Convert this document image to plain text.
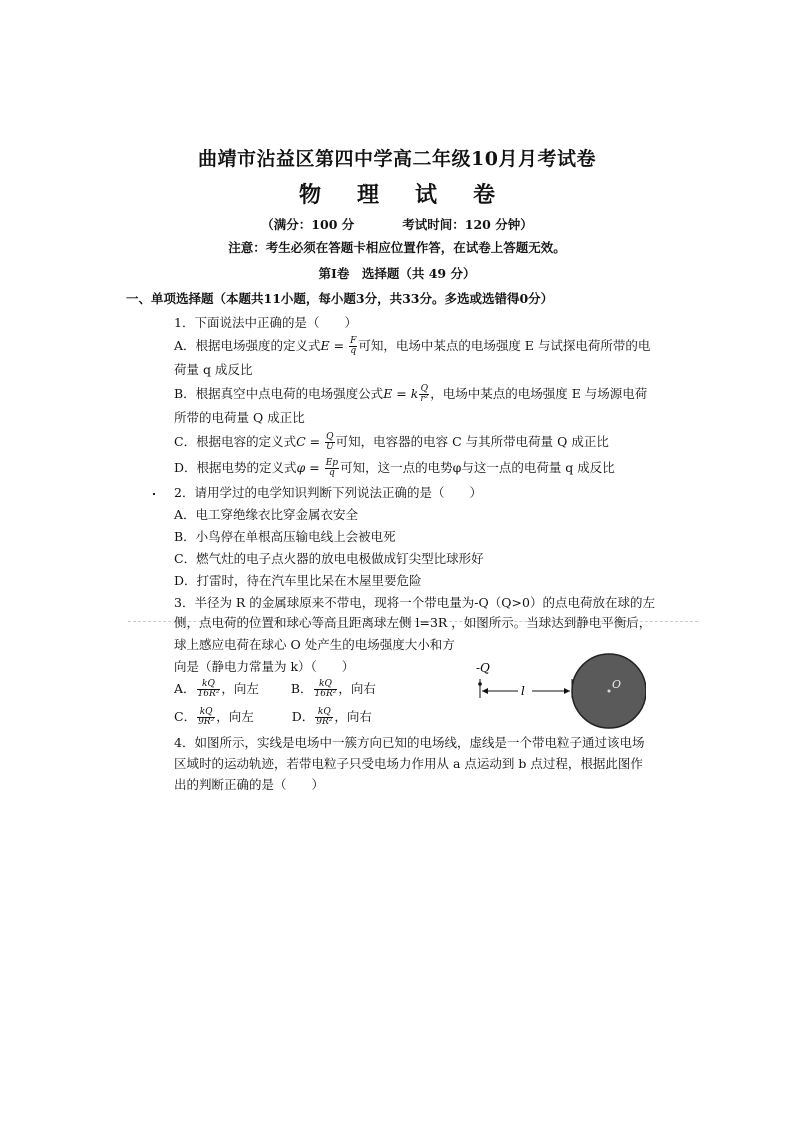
曲靖市沾益区第四中学高二年级10月月考试卷
物 理 试 卷
（满分：100 分	考试时间：120 分钟）
注意：考生必须在答题卡相应位置作答，在试卷上答题无效。
第Ⅰ卷　选择题（共 49 分）
一、单项选择题（本题共11小题，每小题3分，共33分。多选或选错得0分）
1．下面说法中正确的是（　　）
A．根据电场强度的定义式$E = \frac{F}{q}$ 可知，电场中某点的电场强度 E 与试探电荷所带的电
荷量 q 成反比
B．根据真空中点电荷的电场强度公式E = k $\frac{Q}{\text{r²}}$ ，电场中某点的电场强度 E 与场源电荷
所带的电荷量 Q 成正比
C．根据电容的定义式$C = \frac{Q}{U}$ 可知，电容器的电容 C 与其所带电荷量 Q 成正比
D．根据电势的定义式$\varphi = \frac{Ep}{q}$ 可知，这一点的电势φ与这一点的电荷量 q 成反比
2．请用学过的电学知识判断下列说法正确的是（　　）
A．电工穿绝缘衣比穿金属衣安全
B．小鸟停在单根高压输电线上会被电死
C．燃气灶的电子点火器的放电电极做成钉尖型比球形好
D．打雷时，待在汽车里比呆在木屋里要危险
3．半径为 R 的金属球原来不带电，现将一个带电量为-Q（Q>0）的点电荷放在球的左
侧，点电荷的位置和球心等高且距离球左侧 l=3R ，如图所示。当球达到静电平衡后，
球上感应电荷在球心 O 处产生的电场强度大小和方
向是（静电力常量为 k）（　　）
A． $\frac{kQ}{\text{16R²}}$ ，向左	B． $\frac{kQ}{\text{16R²}}$ ，向右
C． $\frac{kQ}{\text{9R²}}$ ，向左	D． $\frac{kQ}{\text{9R²}}$ ，向右
-Q
l	O
4．如图所示，实线是电场中一簇方向已知的电场线，虚线是一个带电粒子通过该电场
区域时的运动轨迹，若带电粒子只受电场力作用从 a 点运动到 b 点过程，根据此图作
出的判断正确的是（　　）
